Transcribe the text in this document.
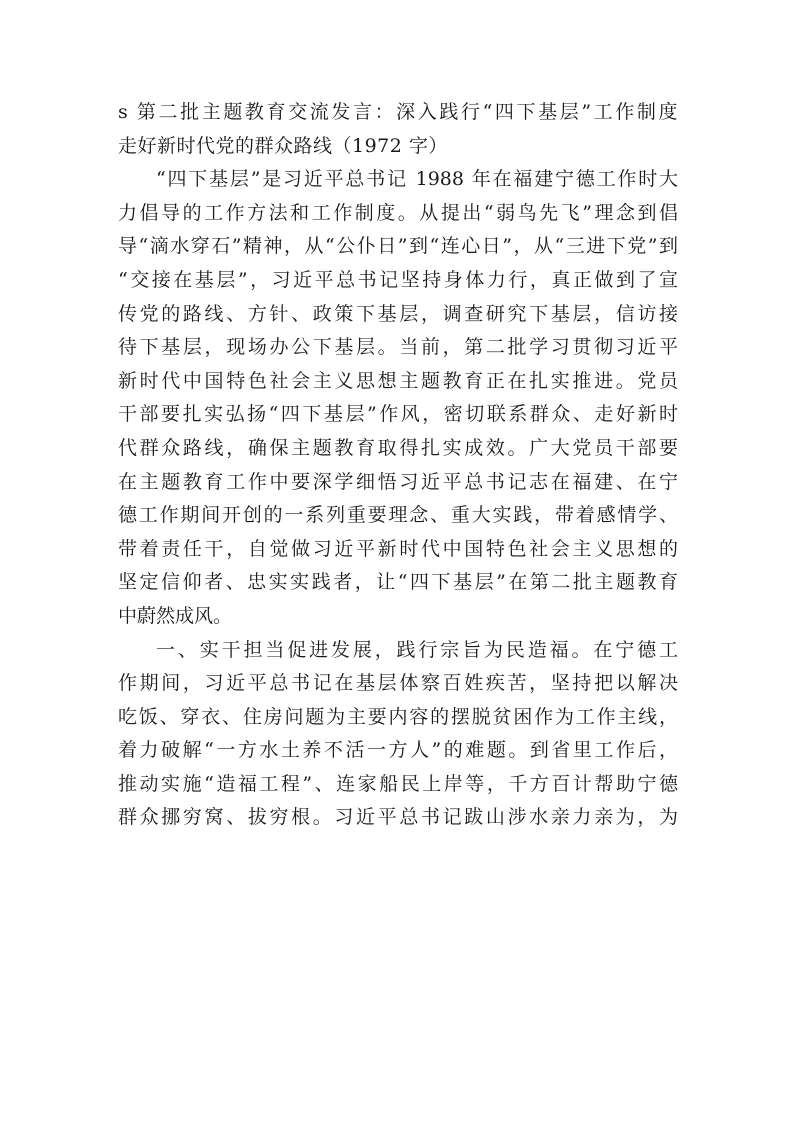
s 第二批主题教育交流发言：深入践行“四下基层”工作制度
走好新时代党的群众路线（1972 字）
“四下基层”是习近平总书记 1988 年在福建宁德工作时大
力倡导的工作方法和工作制度。从提出“弱鸟先飞”理念到倡
导“滴水穿石”精神，从“公仆日”到“连心日”，从“三进下党”到
“交接在基层”，习近平总书记坚持身体力行，真正做到了宣
传党的路线、方针、政策下基层，调查研究下基层，信访接
待下基层，现场办公下基层。当前，第二批学习贯彻习近平
新时代中国特色社会主义思想主题教育正在扎实推进。党员
干部要扎实弘扬“四下基层”作风，密切联系群众、走好新时
代群众路线，确保主题教育取得扎实成效。广大党员干部要
在主题教育工作中要深学细悟习近平总书记志在福建、在宁
德工作期间开创的一系列重要理念、重大实践，带着感情学、
带着责任干，自觉做习近平新时代中国特色社会主义思想的
坚定信仰者、忠实实践者，让“四下基层”在第二批主题教育
中蔚然成风。
一、实干担当促进发展，践行宗旨为民造福。在宁德工
作期间，习近平总书记在基层体察百姓疾苦，坚持把以解决
吃饭、穿衣、住房问题为主要内容的摆脱贫困作为工作主线，
着力破解“一方水土养不活一方人”的难题。到省里工作后，
推动实施“造福工程”、连家船民上岸等，千方百计帮助宁德
群众挪穷窝、拔穷根。习近平总书记跋山涉水亲力亲为，为
